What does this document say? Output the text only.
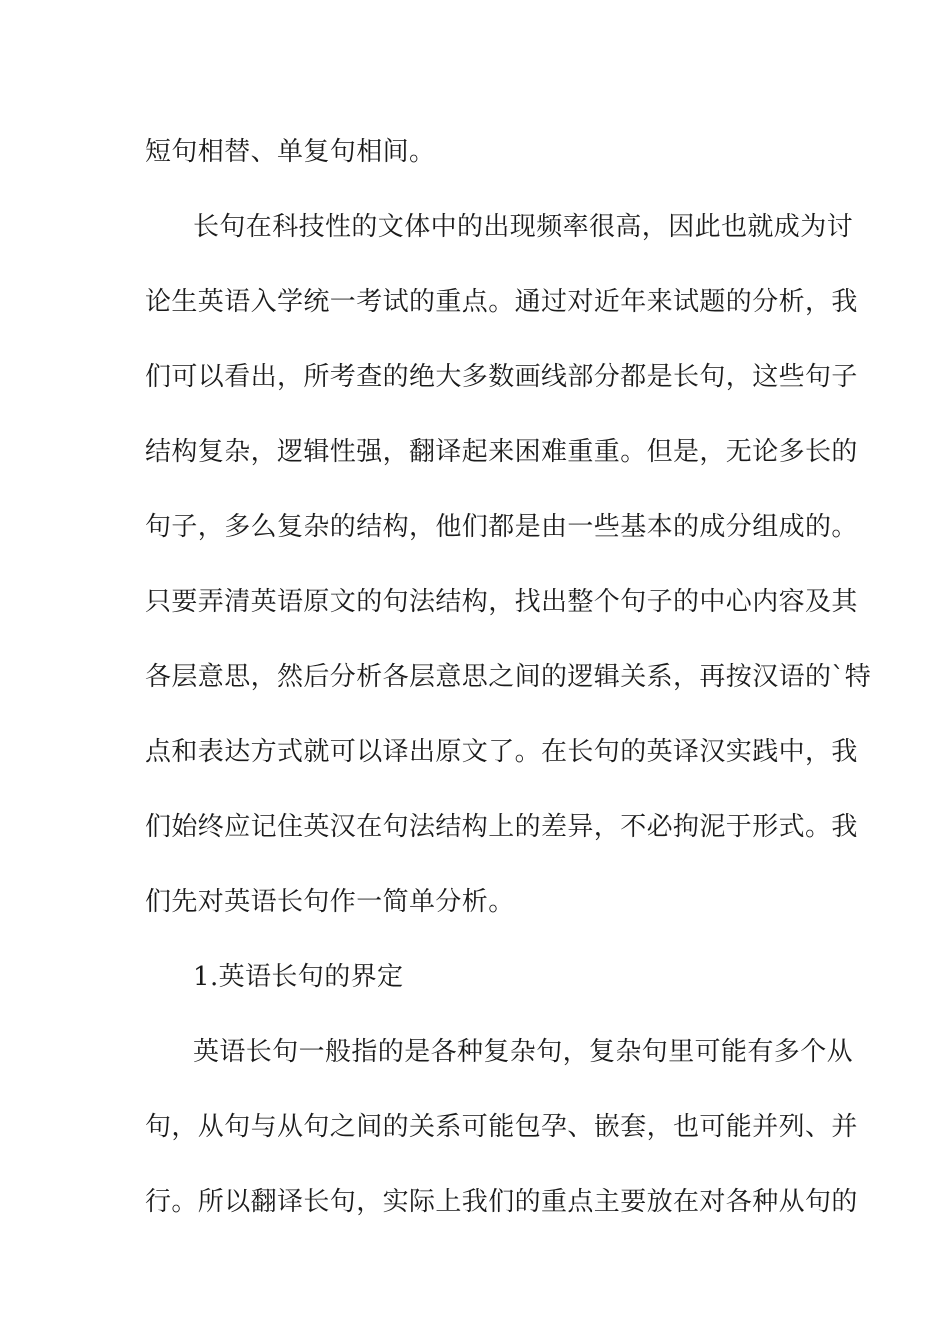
短句相替、单复句相间。
长句在科技性的文体中的出现频率很高，因此也就成为讨
论生英语入学统一考试的重点。通过对近年来试题的分析，我
们可以看出，所考查的绝大多数画线部分都是长句，这些句子
结构复杂，逻辑性强，翻译起来困难重重。但是，无论多长的
句子，多么复杂的结构，他们都是由一些基本的成分组成的。
只要弄清英语原文的句法结构，找出整个句子的中心内容及其
各层意思，然后分析各层意思之间的逻辑关系，再按汉语的`特
点和表达方式就可以译出原文了。在长句的英译汉实践中，我
们始终应记住英汉在句法结构上的差异，不必拘泥于形式。我
们先对英语长句作一简单分析。
1.英语长句的界定
英语长句一般指的是各种复杂句，复杂句里可能有多个从
句，从句与从句之间的关系可能包孕、嵌套，也可能并列、并
行。所以翻译长句，实际上我们的重点主要放在对各种从句的
